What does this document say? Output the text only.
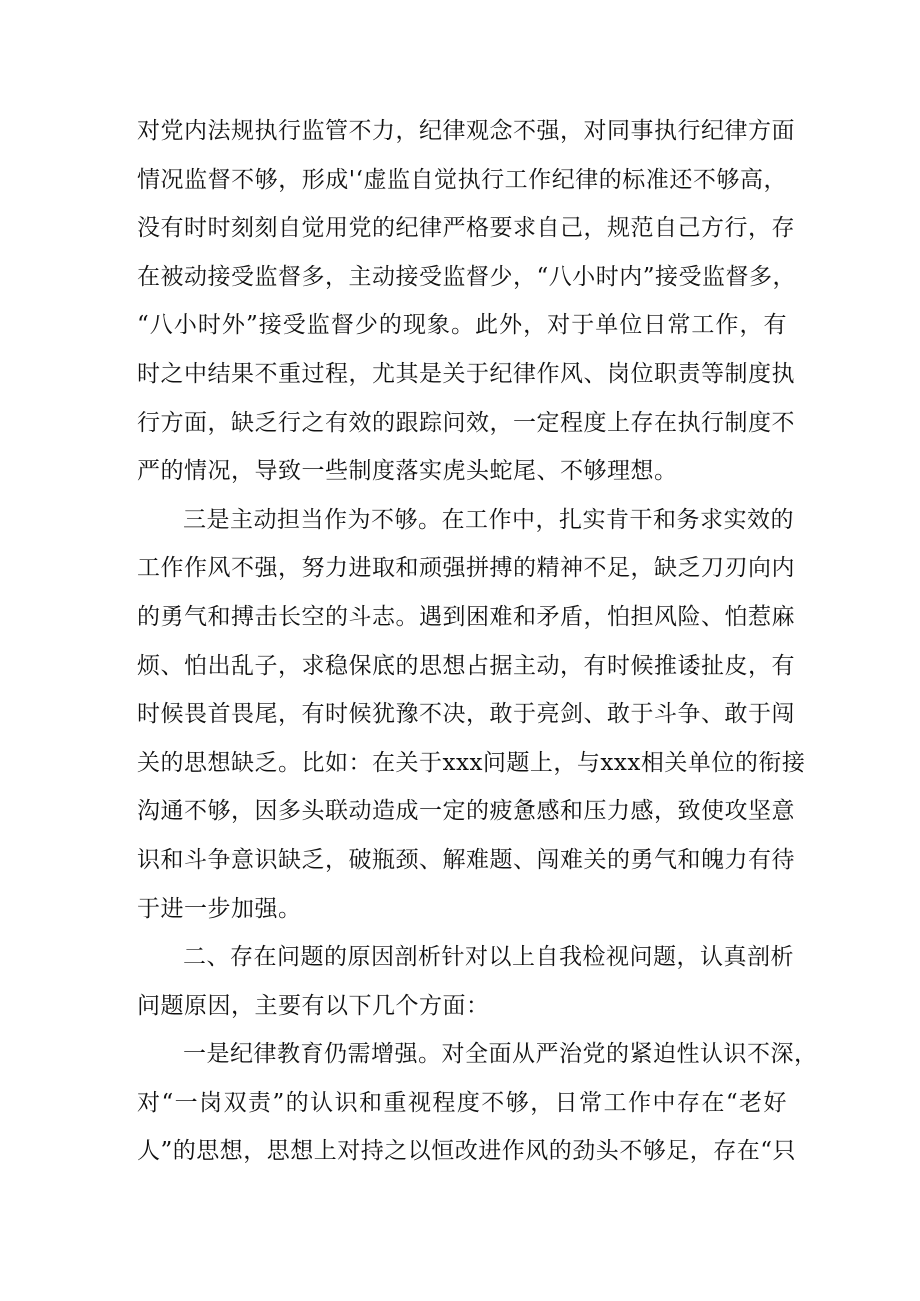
对党内法规执行监管不力，纪律观念不强，对同事执行纪律方面
情况监督不够，形成'‘虚监自觉执行工作纪律的标准还不够高，
没有时时刻刻自觉用党的纪律严格要求自己，规范自己方行，存
在被动接受监督多，主动接受监督少，“八小时内”接受监督多，
“八小时外”接受监督少的现象。此外，对于单位日常工作，有
时之中结果不重过程，尤其是关于纪律作风、岗位职责等制度执
行方面，缺乏行之有效的跟踪问效，一定程度上存在执行制度不
严的情况，导致一些制度落实虎头蛇尾、不够理想。
三是主动担当作为不够。在工作中，扎实肯干和务求实效的
工作作风不强，努力进取和顽强拼搏的精神不足，缺乏刀刃向内
的勇气和搏击长空的斗志。遇到困难和矛盾，怕担风险、怕惹麻
烦、怕出乱子，求稳保底的思想占据主动，有时候推诿扯皮，有
时候畏首畏尾，有时候犹豫不决，敢于亮剑、敢于斗争、敢于闯
关的思想缺乏。比如：在关于xxx问题上，与xxx相关单位的衔接
沟通不够，因多头联动造成一定的疲惫感和压力感，致使攻坚意
识和斗争意识缺乏，破瓶颈、解难题、闯难关的勇气和魄力有待
于进一步加强。
二、存在问题的原因剖析针对以上自我检视问题，认真剖析
问题原因，主要有以下几个方面：
一是纪律教育仍需增强。对全面从严治党的紧迫性认识不深，
对“一岗双责”的认识和重视程度不够，日常工作中存在“老好
人”的思想，思想上对持之以恒改进作风的劲头不够足，存在“只
